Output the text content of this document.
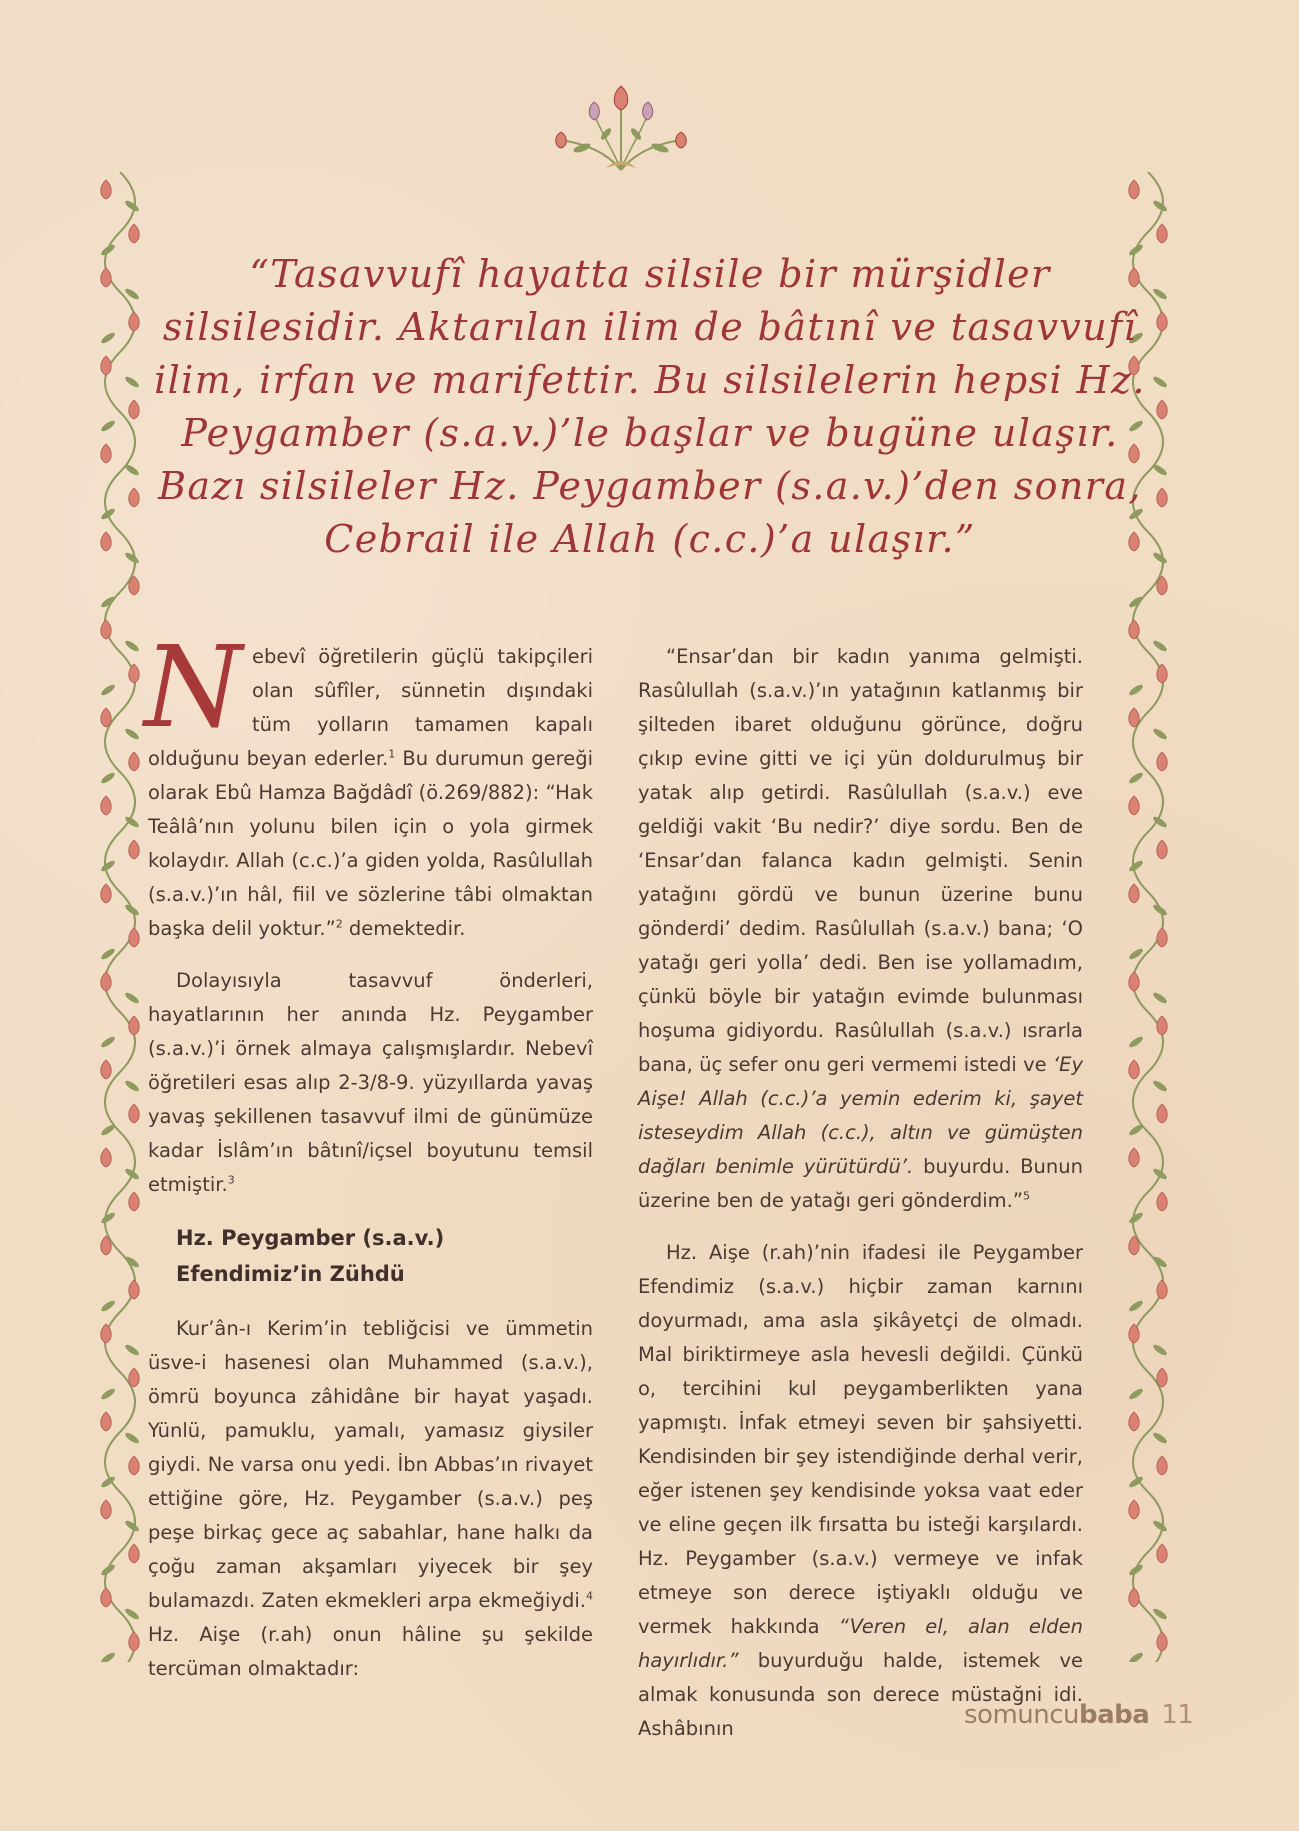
“Tasavvufî hayatta silsile bir mürşidler silsilesidir. Aktarılan ilim de bâtınî ve tasavvufî ilim, irfan ve marifettir. Bu silsilelerin hepsi Hz. Peygamber (s.a.v.)’le başlar ve bugüne ulaşır. Bazı silsileler Hz. Peygamber (s.a.v.)’den sonra, Cebrail ile Allah (c.c.)’a ulaşır.”

Nebevî öğretilerin güçlü takipçileri olan sûfîler, sünnetin dışındaki tüm yolların tamamen kapalı olduğunu beyan ederler.$^1$ Bu durumun gereği olarak Ebû Hamza Bağdâdî (ö.269/882): “Hak Teâlâ’nın yolunu bilen için o yola girmek kolaydır. Allah (c.c.)’a giden yolda, Rasûlullah (s.a.v.)’ın hâl, fiil ve sözlerine tâbi olmaktan başka delil yoktur.”$^2$ demektedir.

Dolayısıyla tasavvuf önderleri, hayatlarının her anında Hz. Peygamber (s.a.v.)’i örnek almaya çalışmışlardır. Nebevî öğretileri esas alıp 2-3/8-9. yüzyıllarda yavaş yavaş şekillenen tasavvuf ilmi de günümüze kadar İslâm’ın bâtınî/içsel boyutunu temsil etmiştir.$^3$

Hz. Peygamber (s.a.v.)
Efendimiz’in Zühdü

Kur’ân-ı Kerim’in tebliğcisi ve ümmetin üsve-i hasenesi olan Muhammed (s.a.v.), ömrü boyunca zâhidâne bir hayat yaşadı. Yünlü, pamuklu, yamalı, yamasız giysiler giydi. Ne varsa onu yedi. İbn Abbas’ın rivayet ettiğine göre, Hz. Peygamber (s.a.v.) peş peşe birkaç gece aç sabahlar, hane halkı da çoğu zaman akşamları yiyecek bir şey bulamazdı. Zaten ekmekleri arpa ekmeğiydi.$^4$ Hz. Aişe (r.ah) onun hâline şu şekilde tercüman olmaktadır:

“Ensar’dan bir kadın yanıma gelmişti. Rasûlullah (s.a.v.)’ın yatağının katlanmış bir şilteden ibaret olduğunu görünce, doğru çıkıp evine gitti ve içi yün doldurulmuş bir yatak alıp getirdi. Rasûlullah (s.a.v.) eve geldiği vakit ‘Bu nedir?’ diye sordu. Ben de ‘Ensar’dan falanca kadın gelmişti. Senin yatağını gördü ve bunun üzerine bunu gönderdi’ dedim. Rasûlullah (s.a.v.) bana; ‘O yatağı geri yolla’ dedi. Ben ise yollamadım, çünkü böyle bir yatağın evimde bulunması hoşuma gidiyordu. Rasûlullah (s.a.v.) ısrarla bana, üç sefer onu geri vermemi istedi ve ‘Ey Aişe! Allah (c.c.)’a yemin ederim ki, şayet isteseydim Allah (c.c.), altın ve gümüşten dağları benimle yürütürdü’. buyurdu. Bunun üzerine ben de yatağı geri gönderdim.”$^5$

Hz. Aişe (r.ah)’nin ifadesi ile Peygamber Efendimiz (s.a.v.) hiçbir zaman karnını doyurmadı, ama asla şikâyetçi de olmadı. Mal biriktirmeye asla hevesli değildi. Çünkü o, tercihini kul peygamberlikten yana yapmıştı. İnfak etmeyi seven bir şahsiyetti. Kendisinden bir şey istendiğinde derhal verir, eğer istenen şey kendisinde yoksa vaat eder ve eline geçen ilk fırsatta bu isteği karşılardı. Hz. Peygamber (s.a.v.) vermeye ve infak etmeye son derece iştiyaklı olduğu ve vermek hakkında “Veren el, alan elden hayırlıdır.” buyurduğu halde, istemek ve almak konusunda son derece müstağni idi. Ashâbının	somuncubaba 11
